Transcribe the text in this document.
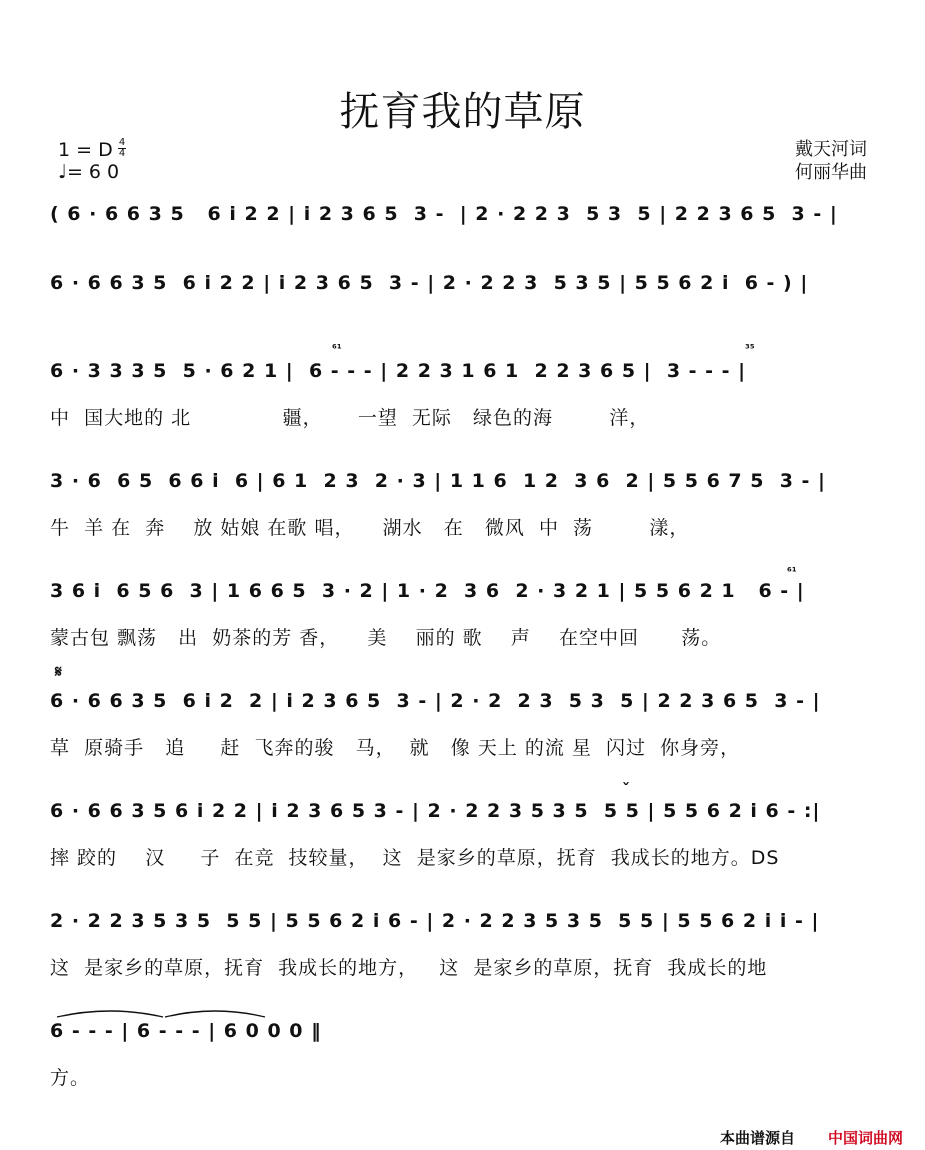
抚育我的草原
1 = D 4
4
♩= 6 0
戴天河词
何丽华曲
( 6 · 6 6 3 5   6 i 2 2 | i 2 3 6 5  3 -  | 2 · 2 2 3  5 3  5 | 2 2 3 6 5  3 - |
6 · 6 6 3 5  6 i 2 2 | i 2 3 6 5  3 - | 2 · 2 2 3  5 3 5 | 5 5 6 2 i  6 - ) |
⁶¹	³⁵
6 · 3 3 3 5  5 · 6 2 1 |  6 - - - | 2 2 3 1 6 1  2 2 3 6 5 |  3 - - - |
中  国大地的 北             疆，     一望  无际   绿色的海        洋，
3 · 6  6 5  6 6 i  6 | 6 1  2 3  2 · 3 | 1 1 6  1 2  3 6  2 | 5 5 6 7 5  3 - |
牛  羊 在  奔    放 姑娘 在歌 唱，    湖水   在   微风  中  荡        漾，
⁶¹
3 6 i  6 5 6  3 | 1 6 6 5  3 · 2 | 1 · 2  3 6  2 · 3 2 1 | 5 5 6 2 1   6 - |
蒙古包 飘荡   出  奶茶的芳 香，    美    丽的 歌    声    在空中回      荡。
𝄋
6 · 6 6 3 5  6 i 2  2 | i 2 3 6 5  3 - | 2 · 2  2 3  5 3  5 | 2 2 3 6 5  3 - |
草  原骑手   追     赶  飞奔的骏   马，  就   像 天上 的流 星  闪过  你身旁，
ˇ
6 · 6 6 3 5 6 i 2 2 | i 2 3 6 5 3 - | 2 · 2 2 3 5 3 5  5 5 | 5 5 6 2 i 6 - :|
摔 跤的    汉     子  在竞  技较量，  这  是家乡的草原，抚育  我成长的地方。DS
2 · 2 2 3 5 3 5  5 5 | 5 5 6 2 i 6 - | 2 · 2 2 3 5 3 5  5 5 | 5 5 6 2 i i - |
这  是家乡的草原，抚育  我成长的地方，   这  是家乡的草原，抚育  我成长的地
6 - - - | 6 - - - | 6 0 0 0 ‖
方。
本曲谱源自 中国词曲网
